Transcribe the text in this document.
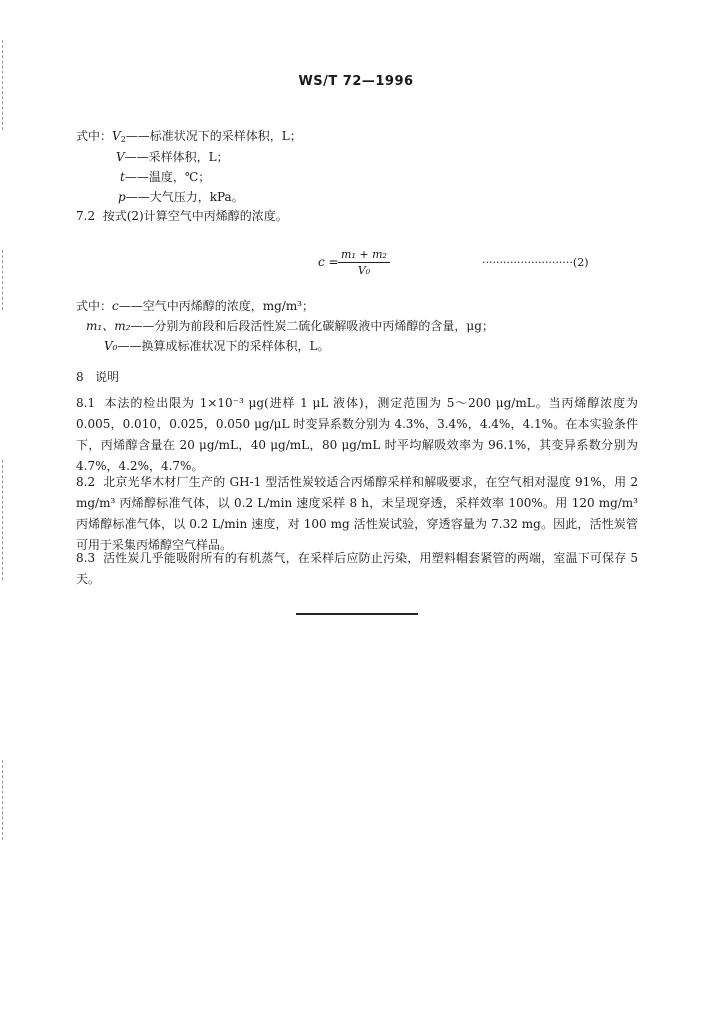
WS/T 72—1996
式中：$V_2——$标准状况下的采样体积，L；
V——采样体积，L；
t——温度，℃；
p——大气压力，kPa。
7.2 按式(2)计算空气中丙烯醇的浓度。
$c = \frac{\text{m₁ + m₂}}{\text{V₀}}$	··························(2)
式中：c——空气中丙烯醇的浓度，mg/m³；
m₁、m₂——分别为前段和后段活性炭二硫化碳解吸液中丙烯醇的含量，μg；
V₀——换算成标准状况下的采样体积，L。
8 说明
8.1 本法的检出限为 1×10⁻³ μg(进样 1 μL 液体)，测定范围为 5～200 μg/mL。当丙烯醇浓度为 0.005，0.010，0.025，0.050 μg/μL 时变异系数分别为 4.3%，3.4%，4.4%，4.1%。在本实验条件下，丙烯醇含量在 20 μg/mL，40 μg/mL，80 μg/mL 时平均解吸效率为 96.1%，其变异系数分别为 4.7%，4.2%，4.7%。
8.2 北京光华木材厂生产的 GH-1 型活性炭较适合丙烯醇采样和解吸要求，在空气相对湿度 91%，用 2 mg/m³ 丙烯醇标准气体，以 0.2 L/min 速度采样 8 h，未呈现穿透，采样效率 100%。用 120 mg/m³ 丙烯醇标准气体，以 0.2 L/min 速度，对 100 mg 活性炭试验，穿透容量为 7.32 mg。因此，活性炭管可用于采集丙烯醇空气样品。
8.3 活性炭几乎能吸附所有的有机蒸气，在采样后应防止污染，用塑料帽套紧管的两端，室温下可保存 5 天。
